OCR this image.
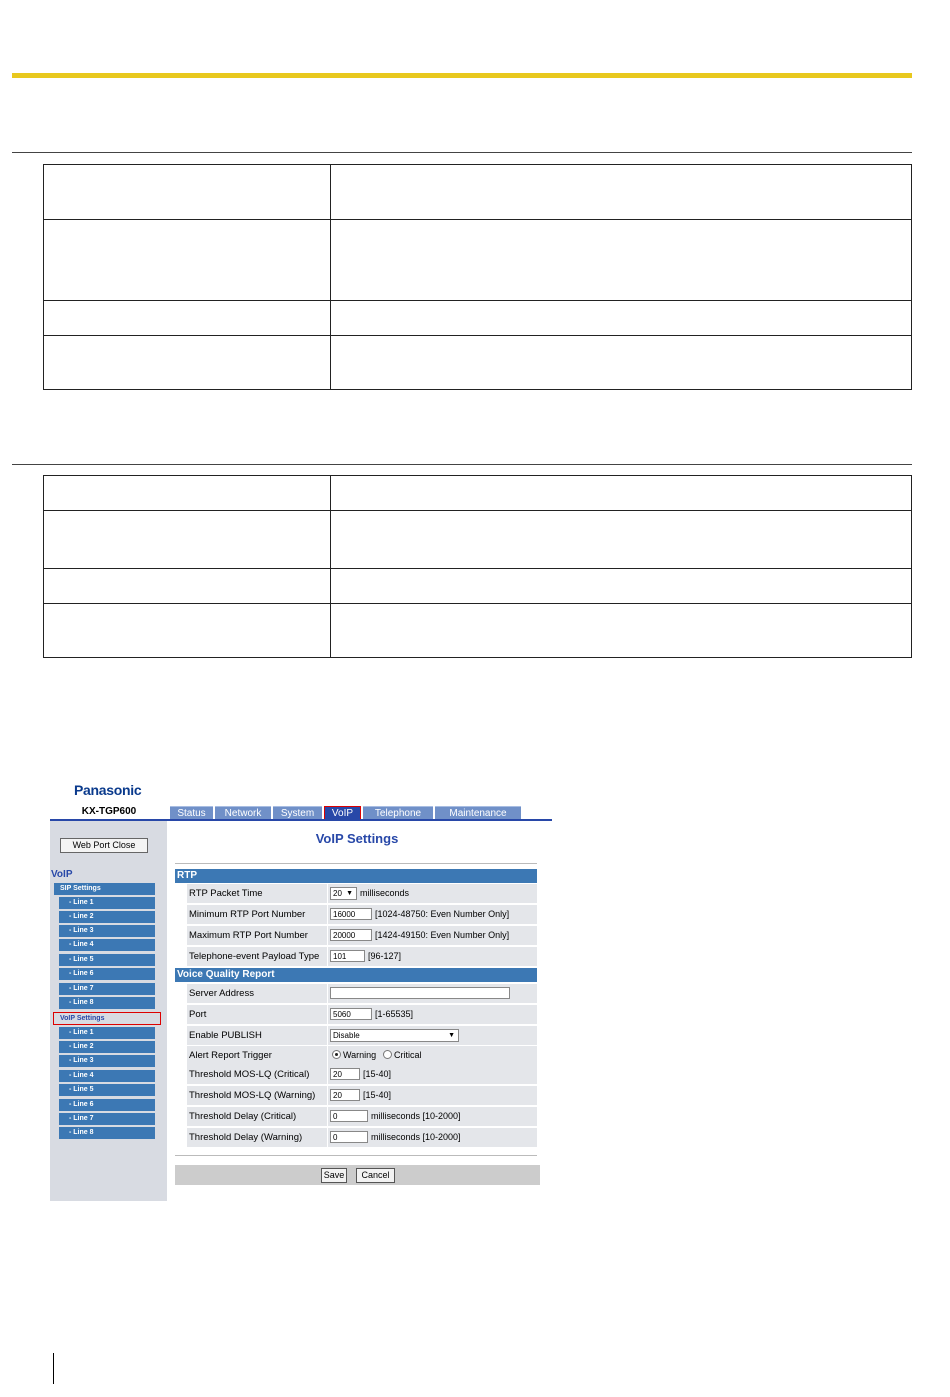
Panasonic
KX-TGP600	Status	Network	System	VoIP	Telephone	Maintenance
Web Port Close
VoIP
SIP Settings
- Line 1
- Line 2
- Line 3
- Line 4
- Line 5
- Line 6
- Line 7
- Line 8
VoIP Settings
- Line 1
- Line 2
- Line 3
- Line 4
- Line 5
- Line 6
- Line 7
- Line 8
VoIP Settings
RTP
RTP Packet Time	20 ▼ milliseconds
Minimum RTP Port Number	16000	[1024-48750: Even Number Only]
Maximum RTP Port Number	20000	[1424-49150: Even Number Only]
Telephone-event Payload Type	101	[96-127]
Voice Quality Report
Server Address
Port	5060	[1-65535]
Enable PUBLISH	Disable	▼
Alert Report Trigger	Warning	Critical
Threshold MOS-LQ (Critical)	20	[15-40]
Threshold MOS-LQ (Warning)	20	[15-40]
Threshold Delay (Critical)	0	milliseconds [10-2000]
Threshold Delay (Warning)	0	milliseconds [10-2000]
Save	Cancel
